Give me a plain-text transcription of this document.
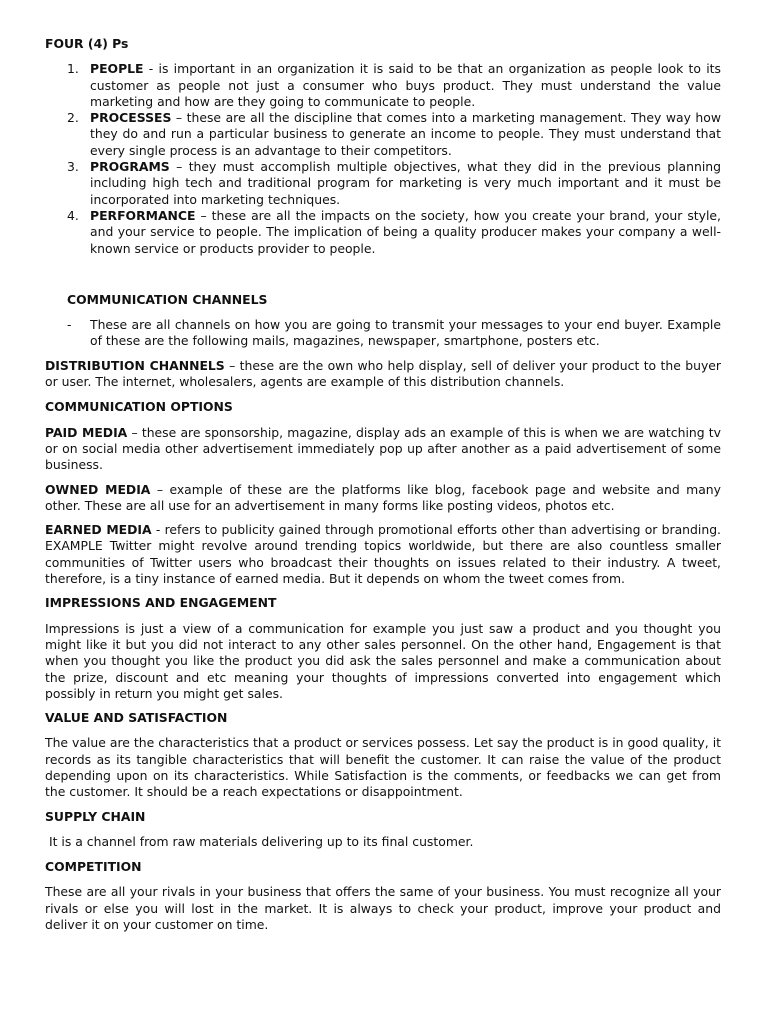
FOUR (4) Ps

1. PEOPLE - is important in an organization it is said to be that an organization as people look to its customer as people not just a consumer who buys product. They must understand the value marketing and how are they going to communicate to people.
2. PROCESSES – these are all the discipline that comes into a marketing management. They way how they do and run a particular business to generate an income to people. They must understand that every single process is an advantage to their competitors.
3. PROGRAMS – they must accomplish multiple objectives, what they did in the previous planning including high tech and traditional program for marketing is very much important and it must be incorporated into marketing techniques.
4. PERFORMANCE – these are all the impacts on the society, how you create your brand, your style, and your service to people. The implication of being a quality producer makes your company a well-known service or products provider to people.

COMMUNICATION CHANNELS

- These are all channels on how you are going to transmit your messages to your end buyer. Example of these are the following mails, magazines, newspaper, smartphone, posters etc.

DISTRIBUTION CHANNELS – these are the own who help display, sell of deliver your product to the buyer or user. The internet, wholesalers, agents are example of this distribution channels.

COMMUNICATION OPTIONS

PAID MEDIA – these are sponsorship, magazine, display ads an example of this is when we are watching tv or on social media other advertisement immediately pop up after another as a paid advertisement of some business.

OWNED MEDIA – example of these are the platforms like blog, facebook page and website and many other. These are all use for an advertisement in many forms like posting videos, photos etc.

EARNED MEDIA - refers to publicity gained through promotional efforts other than advertising or branding. EXAMPLE Twitter might revolve around trending topics worldwide, but there are also countless smaller communities of Twitter users who broadcast their thoughts on issues related to their industry. A tweet, therefore, is a tiny instance of earned media. But it depends on whom the tweet comes from.

IMPRESSIONS AND ENGAGEMENT

Impressions is just a view of a communication for example you just saw a product and you thought you might like it but you did not interact to any other sales personnel. On the other hand, Engagement is that when you thought you like the product you did ask the sales personnel and make a communication about the prize, discount and etc meaning your thoughts of impressions converted into engagement which possibly in return you might get sales.

VALUE AND SATISFACTION

The value are the characteristics that a product or services possess. Let say the product is in good quality, it records as its tangible characteristics that will benefit the customer. It can raise the value of the product depending upon on its characteristics. While Satisfaction is the comments, or feedbacks we can get from the customer. It should be a reach expectations or disappointment.

SUPPLY CHAIN

It is a channel from raw materials delivering up to its final customer.

COMPETITION

These are all your rivals in your business that offers the same of your business. You must recognize all your rivals or else you will lost in the market. It is always to check your product, improve your product and deliver it on your customer on time.
